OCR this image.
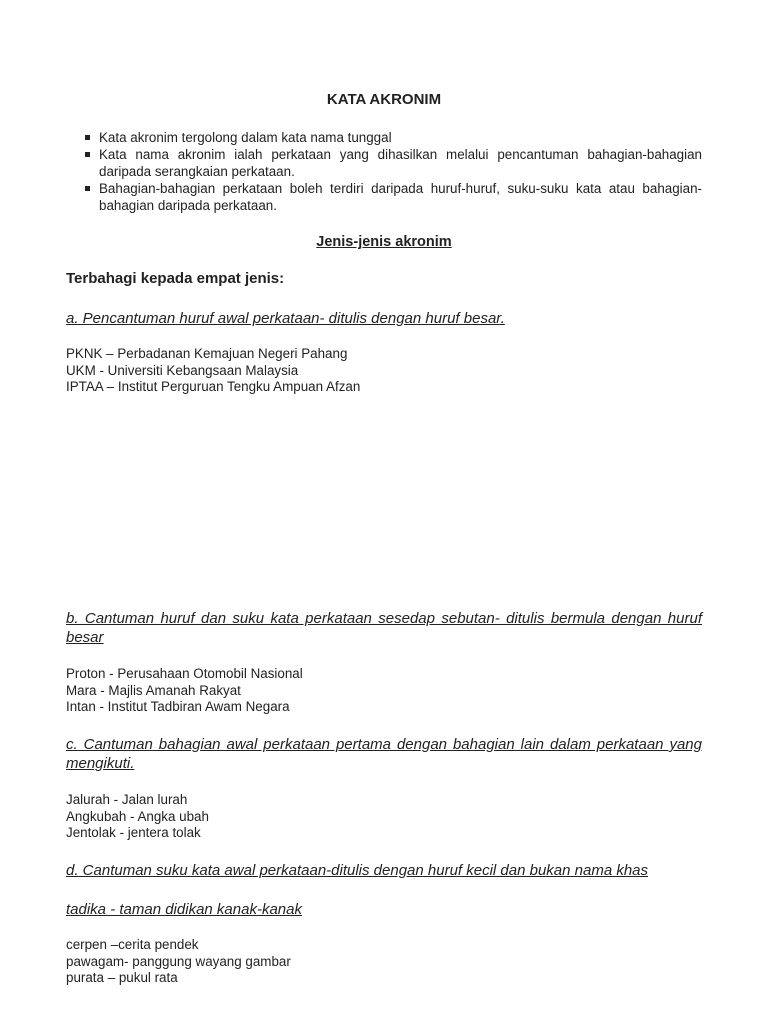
KATA AKRONIM
Kata akronim tergolong dalam kata nama tunggal
Kata nama akronim ialah perkataan yang dihasilkan melalui pencantuman bahagian-bahagian daripada serangkaian perkataan.
Bahagian-bahagian perkataan boleh terdiri daripada huruf-huruf, suku-suku kata atau bahagian-bahagian daripada perkataan.
Jenis-jenis akronim
Terbahagi kepada empat jenis:
a. Pencantuman huruf awal perkataan- ditulis dengan huruf besar.
PKNK – Perbadanan Kemajuan Negeri Pahang
UKM - Universiti Kebangsaan Malaysia
IPTAA – Institut Perguruan Tengku Ampuan Afzan
b. Cantuman huruf dan suku kata perkataan sesedap sebutan- ditulis bermula dengan huruf besar
Proton - Perusahaan Otomobil Nasional
Mara - Majlis Amanah Rakyat
Intan - Institut Tadbiran Awam Negara
c. Cantuman bahagian awal perkataan pertama dengan bahagian lain dalam perkataan yang mengikuti.
Jalurah - Jalan lurah
Angkubah - Angka ubah
Jentolak - jentera tolak
d. Cantuman suku kata awal perkataan-ditulis dengan huruf kecil dan bukan nama khas
tadika - taman didikan kanak-kanak
cerpen –cerita pendek
pawagam- panggung wayang gambar
purata – pukul rata
